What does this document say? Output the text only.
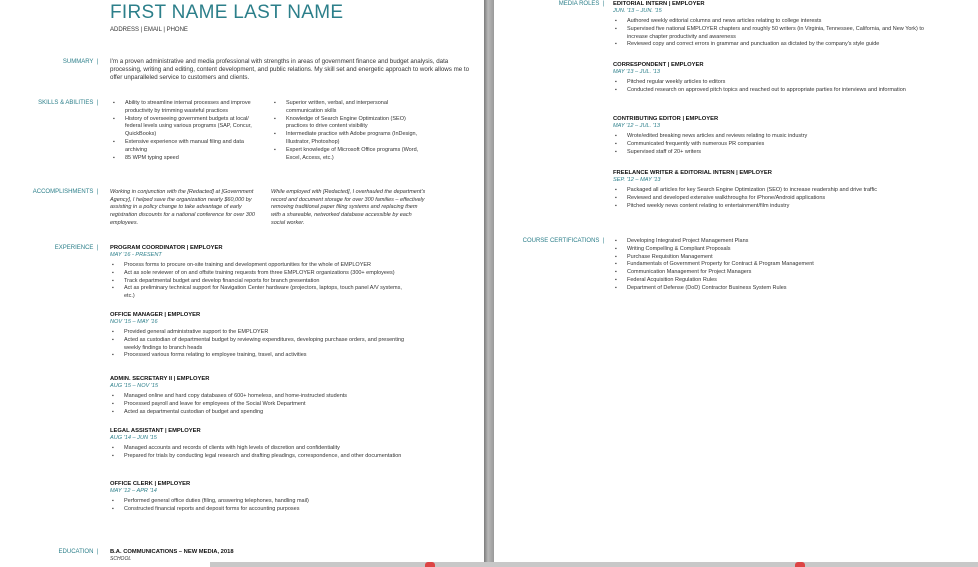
FIRST NAME LAST NAME
ADDRESS | EMAIL | PHONE
SUMMARY | I'm a proven administrative and media professional with strengths in areas of government finance and budget analysis, data processing, writing and editing, content development, and public relations. My skill set and energetic approach to work allows me to offer unparalleled service to customers and clients.
SKILLS & ABILITIES |	▪ Ability to streamline internal processes and improve productivity by trimming wasteful practices
▪ History of overseeing government budgets at local/ federal levels using various programs (SAP, Concur, QuickBooks)
▪ Extensive experience with manual filing and data archiving
▪ 85 WPM typing speed
▪ Superior written, verbal, and interpersonal communication skills
▪ Knowledge of Search Engine Optimization (SEO) practices to drive content visibility
▪ Intermediate practice with Adobe programs (InDesign, Illustrator, Photoshop)
▪ Expert knowledge of Microsoft Office programs (Word, Excel, Access, etc.)
ACCOMPLISHMENTS | Working in conjunction with the [Redacted] at [Government Agency], I helped save the organization nearly $60,000 by assisting in a policy change to take advantage of early registration discounts for a national conference for over 300 employees.
While employed with [Redacted], I overhauled the department's record and document storage for over 300 families – effectively removing traditional paper filing systems and replacing them with a shareable, networked database accessible by each social worker.
EXPERIENCE | PROGRAM COORDINATOR | EMPLOYER
MAY '16 - PRESENT
▪ Process forms to procure on-site training and development opportunities for the whole of EMPLOYER
▪ Act as sole reviewer of on and offsite training requests from three EMPLOYER organizations (300+ employees)
▪ Track departmental budget and develop financial reports for branch presentation
▪ Act as preliminary technical support for Navigation Center hardware (projectors, laptops, touch panel A/V systems, etc.)
OFFICE MANAGER | EMPLOYER
NOV '15 – MAY '16
▪ Provided general administrative support to the EMPLOYER
▪ Acted as custodian of departmental budget by reviewing expenditures, developing purchase orders, and presenting weekly findings to branch heads
▪ Processed various forms relating to employee training, travel, and activities
ADMIN. SECRETARY II | EMPLOYER
AUG '15 – NOV '15
▪ Managed online and hard copy databases of 600+ homeless, and home-instructed students
▪ Processed payroll and leave for employees of the Social Work Department
▪ Acted as departmental custodian of budget and spending
LEGAL ASSISTANT | EMPLOYER
AUG '14 – JUN '15
▪ Managed accounts and records of clients with high levels of discretion and confidentiality
▪ Prepared for trials by conducting legal research and drafting pleadings, correspondence, and other documentation
OFFICE CLERK | EMPLOYER
MAY '12 – APR '14
▪ Performed general office duties (filing, answering telephones, handling mail)
▪ Constructed financial reports and deposit forms for accounting purposes
EDUCATION | B.A. COMMUNICATIONS – NEW MEDIA, 2018
SCHOOL
MEDIA ROLES | EDITORIAL INTERN | EMPLOYER
JUN. '13 – JUN. '15
▪ Authored weekly editorial columns and news articles relating to college interests
▪ Supervised five national EMPLOYER chapters and roughly 50 writers (in Virginia, Tennessee, California, and New York) to increase chapter productivity and awareness
▪ Reviewed copy and correct errors in grammar and punctuation as dictated by the company's style guide
CORRESPONDENT | EMPLOYER
MAY '13 – JUL. '13
▪ Pitched regular weekly articles to editors
▪ Conducted research on approved pitch topics and reached out to appropriate parties for interviews and information
CONTRIBUTING EDITOR | EMPLOYER
MAY '12 – JUL. '13
▪ Wrote/edited breaking news articles and reviews relating to music industry
▪ Communicated frequently with numerous PR companies
▪ Supervised staff of 20+ writers
FREELANCE WRITER & EDITORIAL INTERN | EMPLOYER
SEP. '12 – MAY '13
▪ Packaged all articles for key Search Engine Optimization (SEO) to increase readership and drive traffic
▪ Reviewed and developed extensive walkthroughs for iPhone/Android applications
▪ Pitched weekly news content relating to entertainment/film industry
COURSE CERTIFICATIONS |	▪ Developing Integrated Project Management Plans
▪ Writing Compelling & Compliant Proposals
▪ Purchase Requisition Management
▪ Fundamentals of Government Property for Contract & Program Management
▪ Communication Management for Project Managers
▪ Federal Acquisition Regulation Rules
▪ Department of Defense (DoD) Contractor Business System Rules
